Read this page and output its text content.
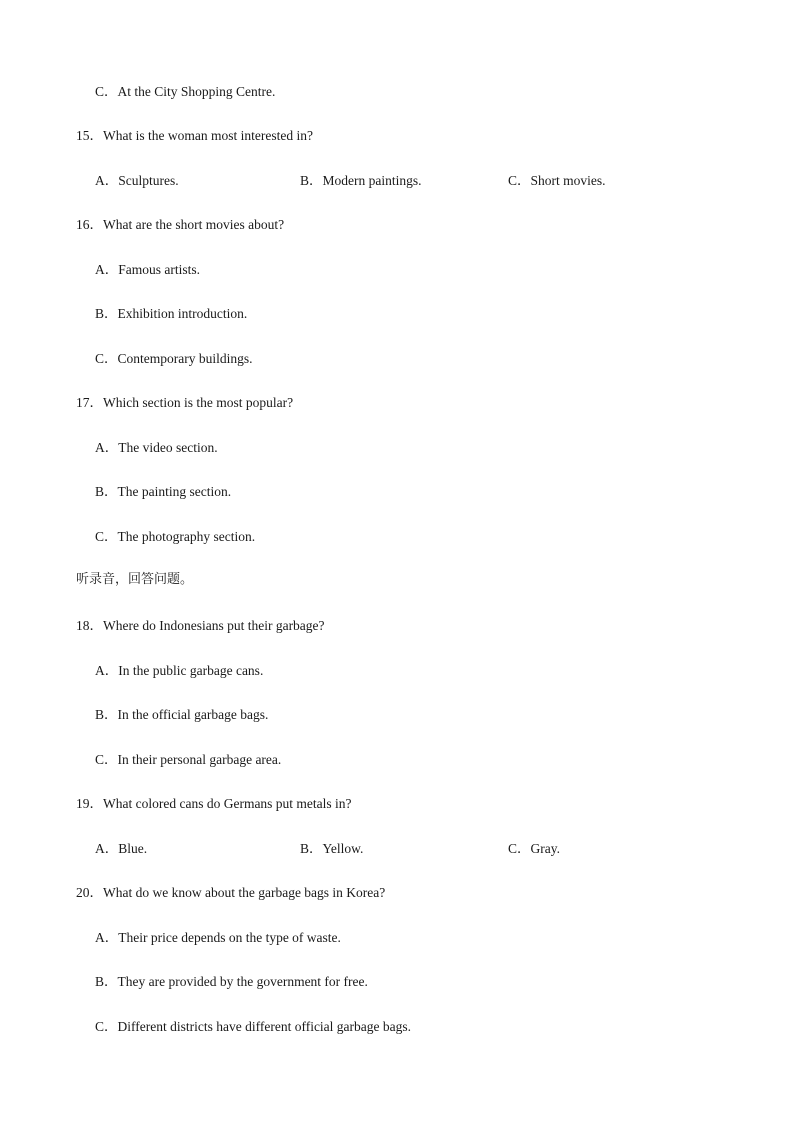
C．At the City Shopping Centre.
15．What is the woman most interested in?
A．Sculptures.	B．Modern paintings.	C．Short movies.
16．What are the short movies about?
A．Famous artists.
B．Exhibition introduction.
C．Contemporary buildings.
17．Which section is the most popular?
A．The video section.
B．The painting section.
C．The photography section.
听录音，回答问题。
18．Where do Indonesians put their garbage?
A．In the public garbage cans.
B．In the official garbage bags.
C．In their personal garbage area.
19．What colored cans do Germans put metals in?
A．Blue.	B．Yellow.	C．Gray.
20．What do we know about the garbage bags in Korea?
A．Their price depends on the type of waste.
B．They are provided by the government for free.
C．Different districts have different official garbage bags.
